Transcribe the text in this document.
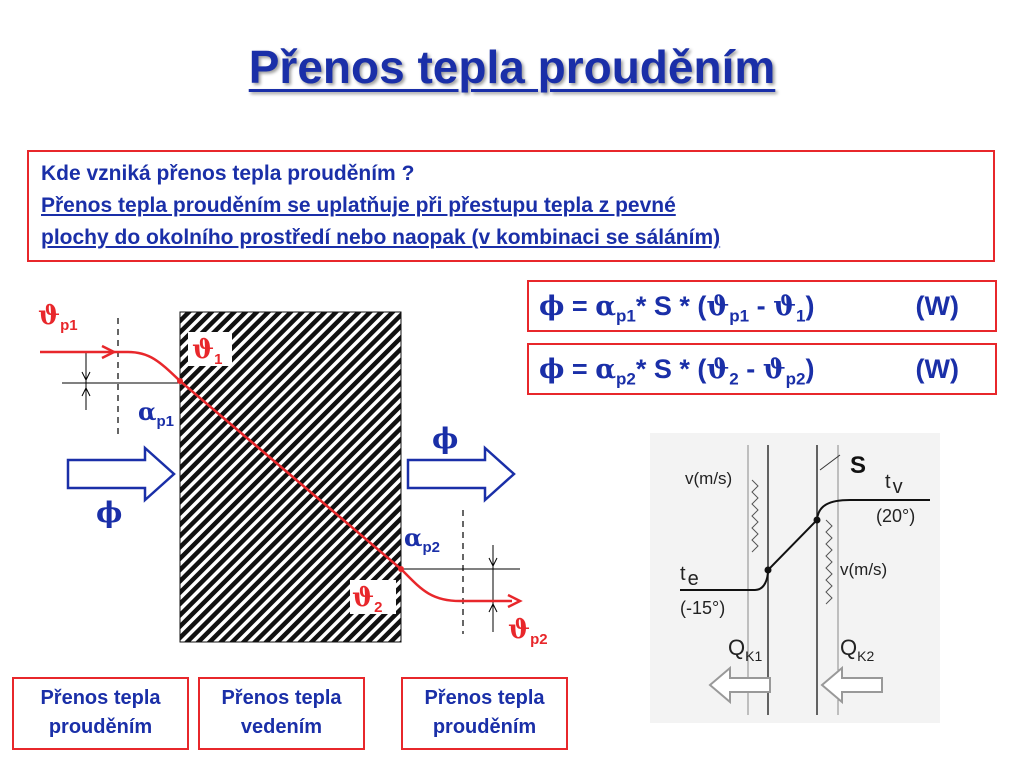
Přenos tepla prouděním
Kde vzniká přenos tepla prouděním ?
Přenos tepla prouděním se uplatňuje při přestupu tepla z pevné
plochy do okolního prostředí nebo naopak (v kombinaci se sáláním)
$\phi = \alpha_{p1}*$ S * $(ϑ_{p1} - ϑ_1)$	(W)
$\phi = \alpha_{p2}*$ S * $(ϑ_2 - ϑ_{p2})$	(W)
$ϑ_{p1}$
$ϑ_1$
$\alpha_{p1}$
ϕ
ϕ
$\alpha_{p2}$
$ϑ_2$
$ϑ_{p2}$
v(m/s)	S
t v
(20°)
v(m/s)
t e
(-15°)
$Q_{K1}$	$Q_{K2}$
Přenos tepla
prouděním
Přenos tepla
vedením
Přenos tepla
prouděním
